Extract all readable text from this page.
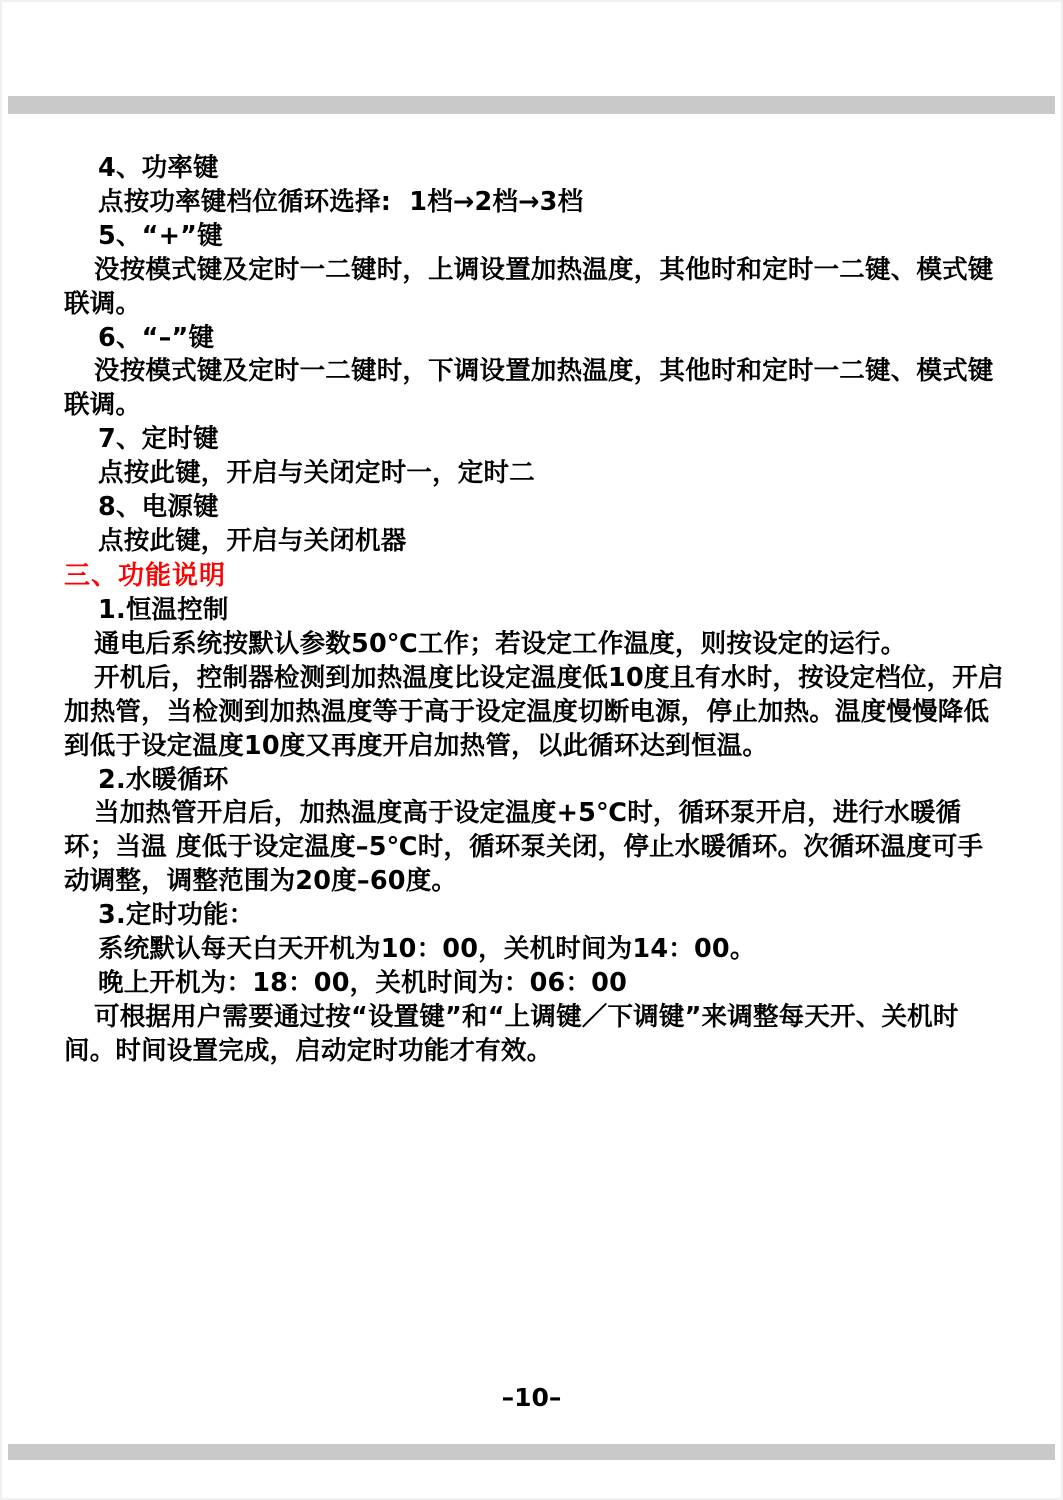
4、功率键
点按功率键档位循环选择:  1档→2档→3档
5、“+”键
没按模式键及定时一二键时，上调设置加热温度，其他时和定时一二键、模式键联调。
6、“–”键
没按模式键及定时一二键时，下调设置加热温度，其他时和定时一二键、模式键联调。
7、定时键
点按此键，开启与关闭定时一，定时二
8、电源键
点按此键，开启与关闭机器
三、功能说明
1.恒温控制
通电后系统按默认参数50℃工作；若设定工作温度，则按设定的运行。
开机后，控制器检测到加热温度比设定温度低10度且有水时，按设定档位，开启加热管，当检测到加热温度等于高于设定温度切断电源，停止加热。温度慢慢降低到低于设定温度10度又再度开启加热管，以此循环达到恒温。
2.水暖循环
当加热管开启后，加热温度高于设定温度+5℃时，循环泵开启，进行水暖循环；当温 度低于设定温度–5℃时，循环泵关闭，停止水暖循环。次循环温度可手动调整，调整范围为20度–60度。
3.定时功能：
系统默认每天白天开机为10：00，关机时间为14：00。
晚上开机为：18：00，关机时间为：06：00
可根据用户需要通过按“设置键”和“上调键／下调键”来调整每天开、关机时间。时间设置完成，启动定时功能才有效。
–10–
